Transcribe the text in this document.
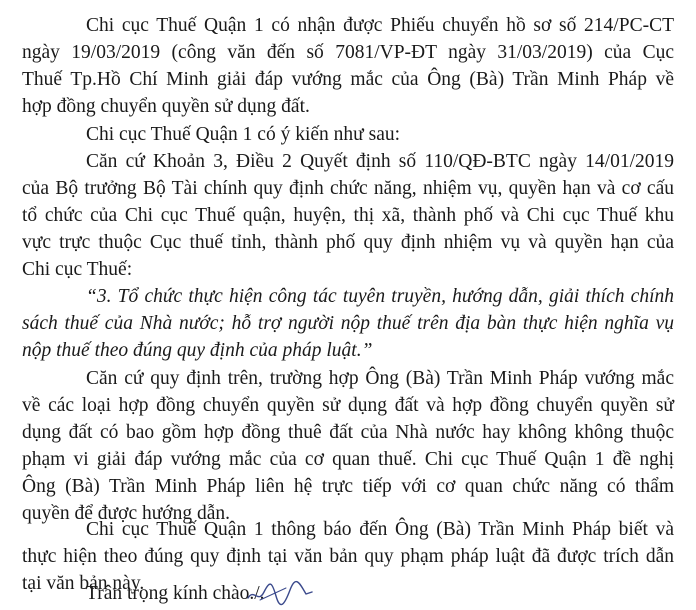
Chi cục Thuế Quận 1 có nhận được Phiếu chuyển hồ sơ số 214/PC-CT
ngày 19/03/2019 (công văn đến số 7081/VP-ĐT ngày 31/03/2019) của Cục
Thuế Tp.Hồ Chí Minh giải đáp vướng mắc của Ông (Bà) Trần Minh Pháp về
hợp đồng chuyển quyền sử dụng đất.
Chi cục Thuế Quận 1 có ý kiến như sau:
Căn cứ Khoản 3, Điều 2 Quyết định số 110/QĐ-BTC ngày 14/01/2019
của Bộ trưởng Bộ Tài chính quy định chức năng, nhiệm vụ, quyền hạn và cơ cấu
tổ chức của Chi cục Thuế quận, huyện, thị xã, thành phố và Chi cục Thuế khu
vực trực thuộc Cục thuế tỉnh, thành phố quy định nhiệm vụ và quyền hạn của
Chi cục Thuế:
“3. Tổ chức thực hiện công tác tuyên truyền, hướng dẫn, giải thích chính
sách thuế của Nhà nước; hỗ trợ người nộp thuế trên địa bàn thực hiện nghĩa vụ
nộp thuế theo đúng quy định của pháp luật.”
Căn cứ quy định trên, trường hợp Ông (Bà) Trần Minh Pháp vướng mắc
về các loại hợp đồng chuyển quyền sử dụng đất và hợp đồng chuyển quyền sử
dụng đất có bao gồm hợp đồng thuê đất của Nhà nước hay không không thuộc
phạm vi giải đáp vướng mắc của cơ quan thuế. Chi cục Thuế Quận 1 đề nghị
Ông (Bà) Trần Minh Pháp liên hệ trực tiếp với cơ quan chức năng có thẩm
quyền để được hướng dẫn.
Chi cục Thuế Quận 1 thông báo đến Ông (Bà) Trần Minh Pháp biết và
thực hiện theo đúng quy định tại văn bản quy phạm pháp luật đã được trích dẫn
tại văn bản này.
Trân trọng kính chào./.
